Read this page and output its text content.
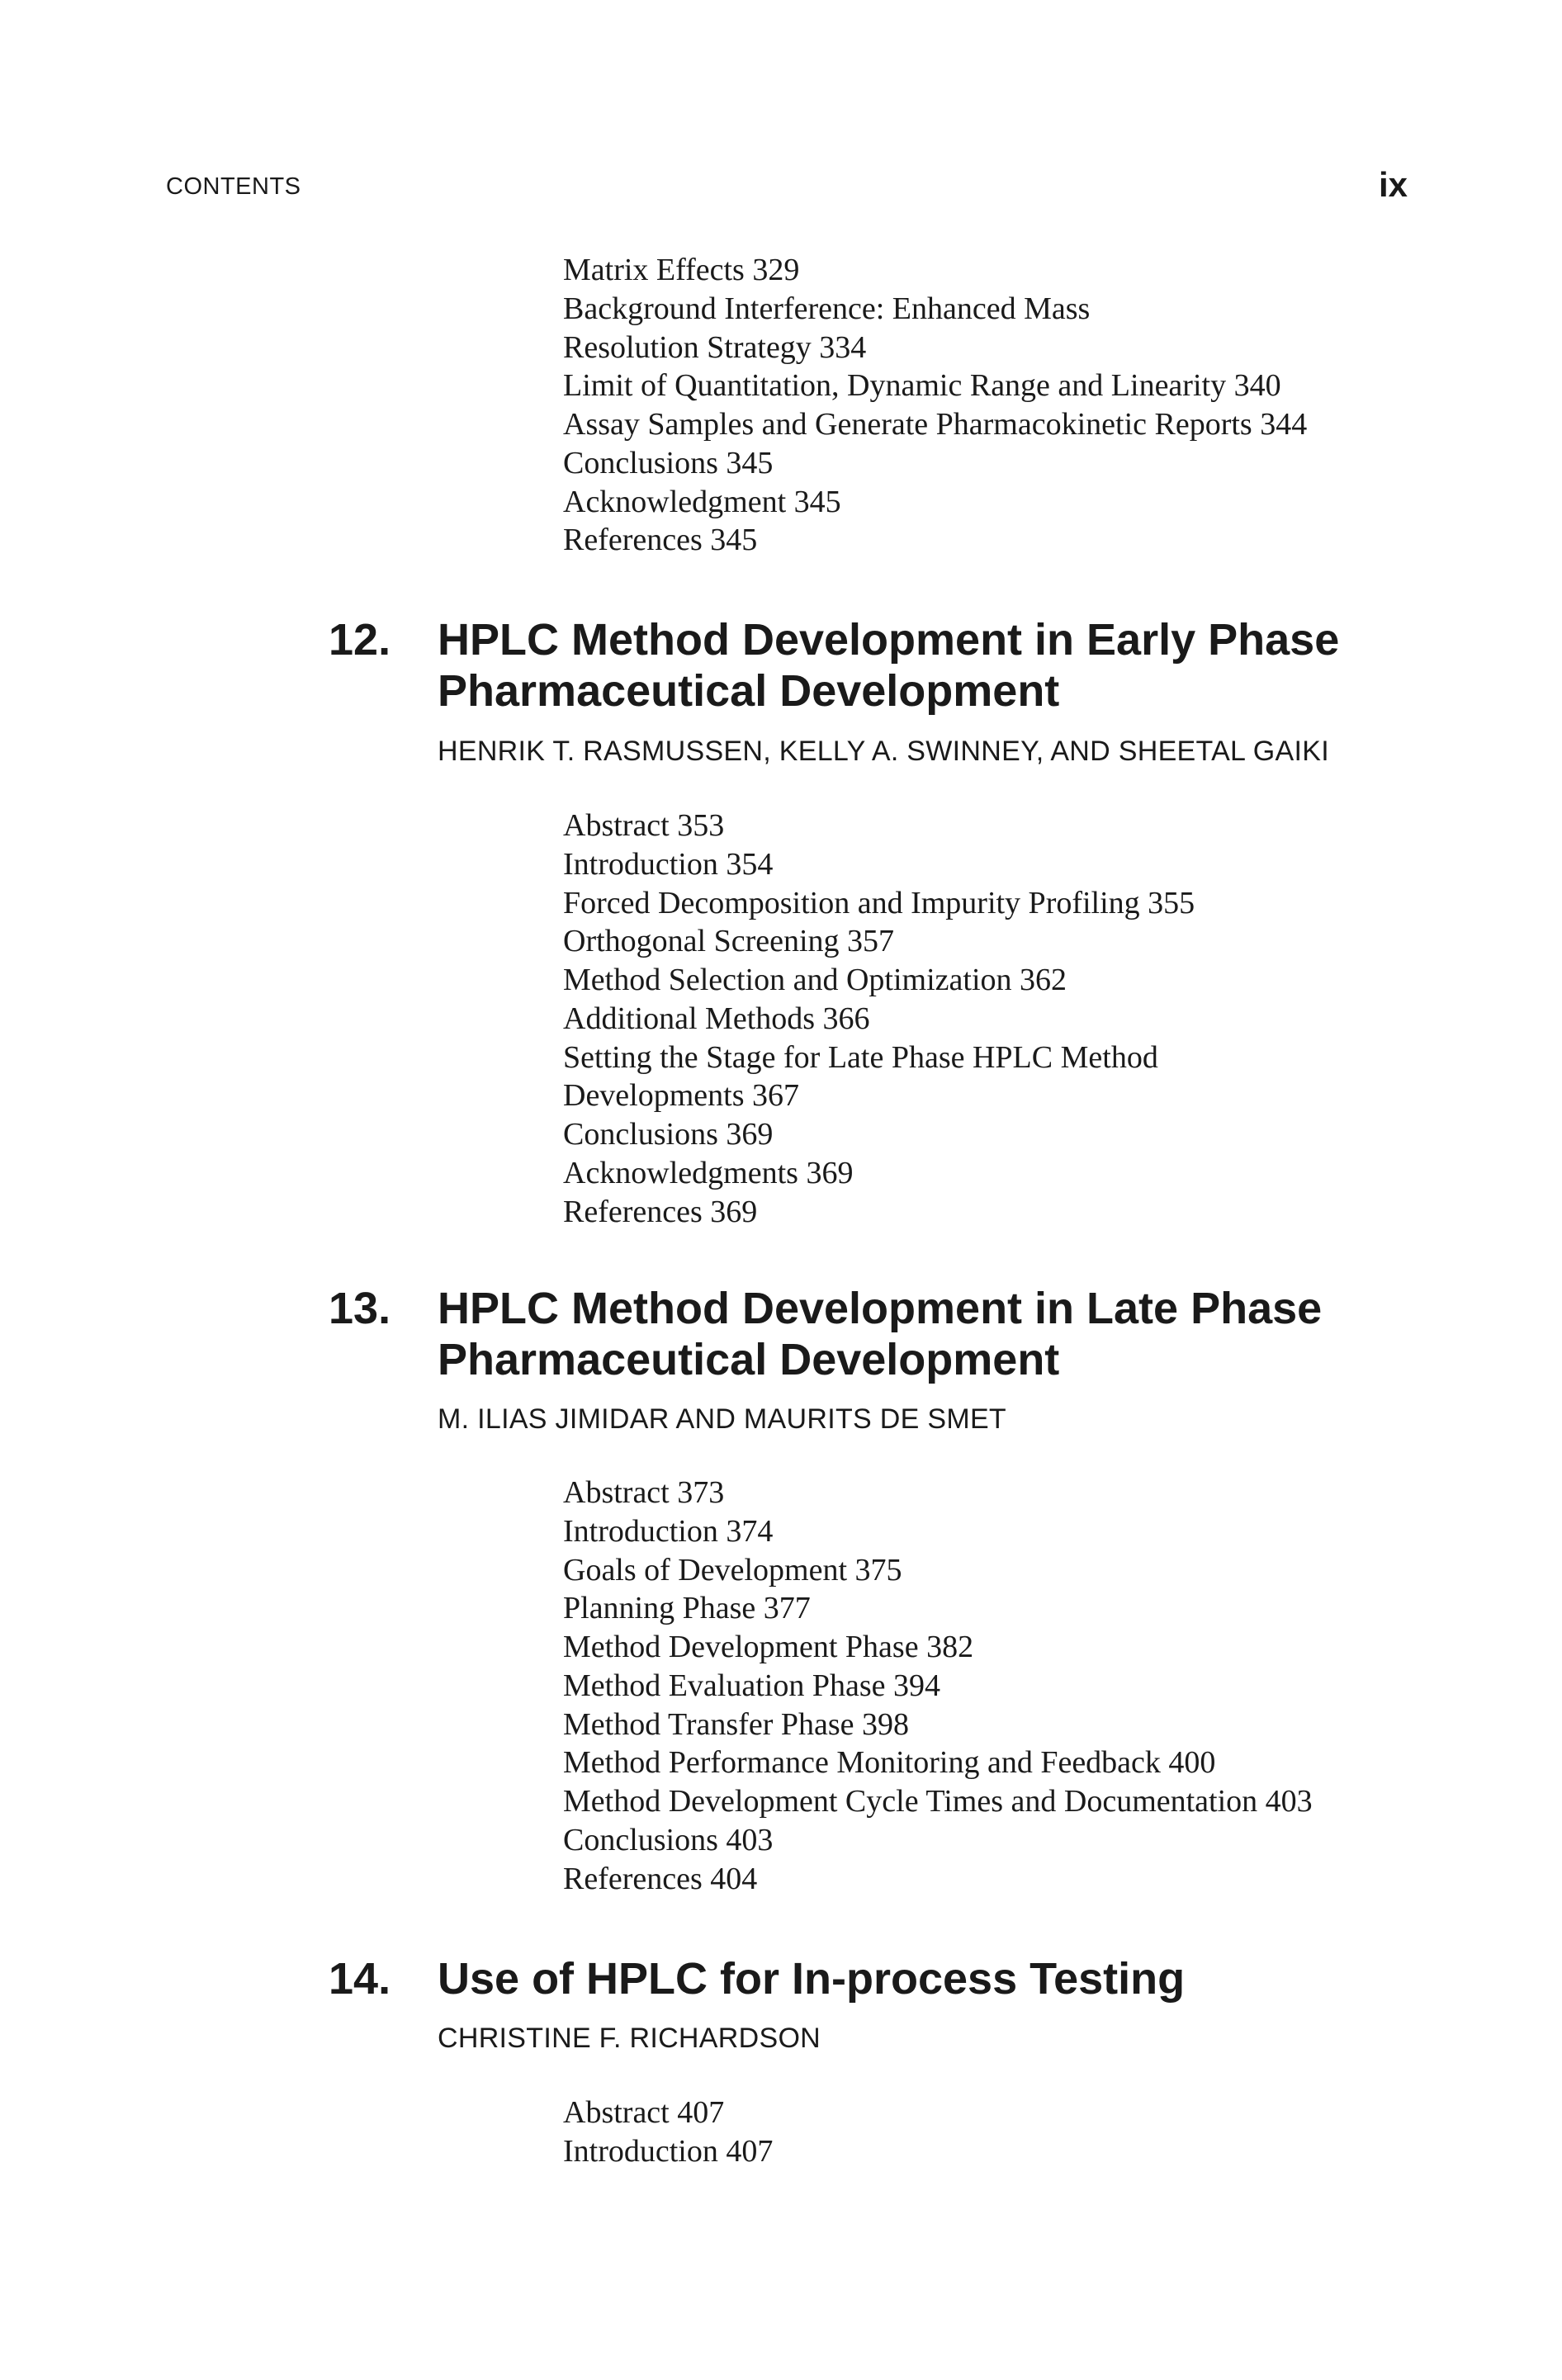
CONTENTS	ix
Matrix Effects 329
Background Interference: Enhanced Mass
Resolution Strategy 334
Limit of Quantitation, Dynamic Range and Linearity 340
Assay Samples and Generate Pharmacokinetic Reports 344
Conclusions 345
Acknowledgment 345
References 345
12. HPLC Method Development in Early Phase
Pharmaceutical Development
HENRIK T. RASMUSSEN, KELLY A. SWINNEY, AND SHEETAL GAIKI
Abstract 353
Introduction 354
Forced Decomposition and Impurity Profiling 355
Orthogonal Screening 357
Method Selection and Optimization 362
Additional Methods 366
Setting the Stage for Late Phase HPLC Method
Developments 367
Conclusions 369
Acknowledgments 369
References 369
13. HPLC Method Development in Late Phase
Pharmaceutical Development
M. ILIAS JIMIDAR AND MAURITS DE SMET
Abstract 373
Introduction 374
Goals of Development 375
Planning Phase 377
Method Development Phase 382
Method Evaluation Phase 394
Method Transfer Phase 398
Method Performance Monitoring and Feedback 400
Method Development Cycle Times and Documentation 403
Conclusions 403
References 404
14. Use of HPLC for In-process Testing
CHRISTINE F. RICHARDSON
Abstract 407
Introduction 407
